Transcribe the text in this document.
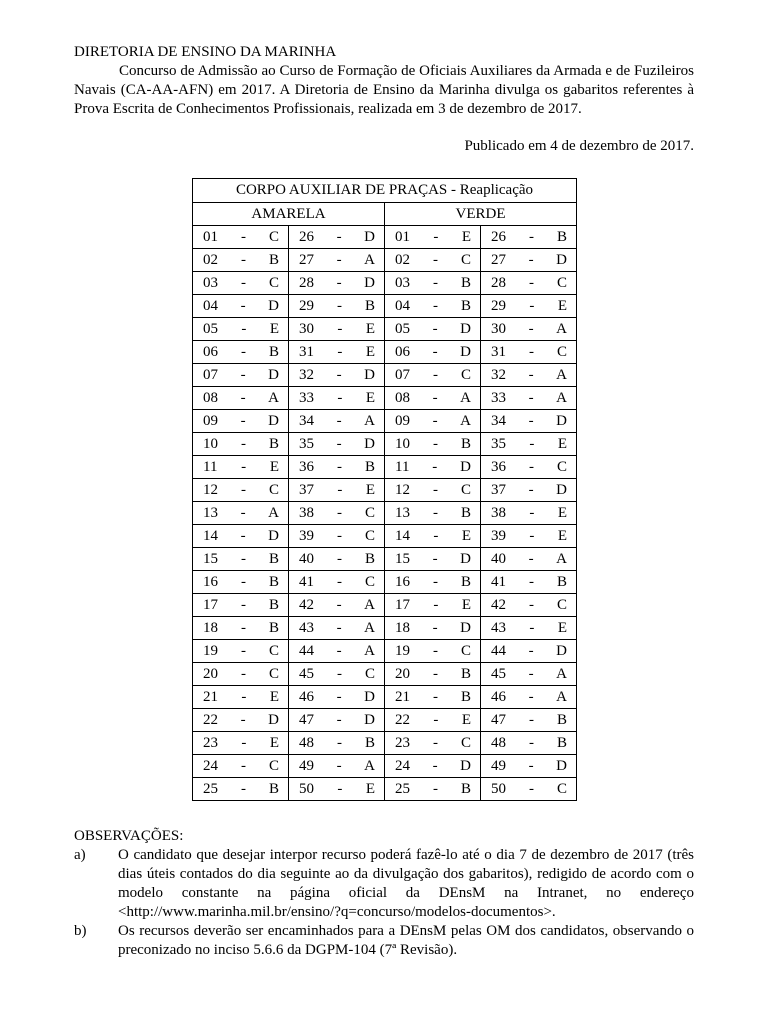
DIRETORIA DE ENSINO DA MARINHA

Concurso de Admissão ao Curso de Formação de Oficiais Auxiliares da Armada e de Fuzileiros Navais (CA-AA-AFN) em 2017. A Diretoria de Ensino da Marinha divulga os gabaritos referentes à Prova Escrita de Conhecimentos Profissionais, realizada em 3 de dezembro de 2017.

Publicado em 4 de dezembro de 2017.

CORPO AUXILIAR DE PRAÇAS - Reaplicação			
AMARELA		VERDE	

01 - C	26 - D	01 - E	26 - B

02 - B	27 - A	02 - C	27 - D

03 - C	28 - D	03 - B	28 - C

04 - D	29 - B	04 - B	29 - E

05 - E	30 - E	05 - D	30 - A

06 - B	31 - E	06 - D	31 - C

07 - D	32 - D	07 - C	32 - A

08 - A	33 - E	08 - A	33 - A

09 - D	34 - A	09 - A	34 - D

10 - B	35 - D	10 - B	35 - E

11 - E	36 - B	11 - D	36 - C

12 - C	37 - E	12 - C	37 - D

13 - A	38 - C	13 - B	38 - E

14 - D	39 - C	14 - E	39 - E

15 - B	40 - B	15 - D	40 - A

16 - B	41 - C	16 - B	41 - B

17 - B	42 - A	17 - E	42 - C

18 - B	43 - A	18 - D	43 - E

19 - C	44 - A	19 - C	44 - D

20 - C	45 - C	20 - B	45 - A

21 - E	46 - D	21 - B	46 - A

22 - D	47 - D	22 - E	47 - B

23 - E	48 - B	23 - C	48 - B

24 - C	49 - A	24 - D	49 - D

25 - B	50 - E	25 - B	50 - C

OBSERVAÇÕES:

a)	O candidato que desejar interpor recurso poderá fazê-lo até o dia 7 de dezembro de 2017 (três dias úteis contados do dia seguinte ao da divulgação dos gabaritos), redigido de acordo com o modelo constante na página oficial da DEnsM na Intranet, no endereço <http://www.marinha.mil.br/ensino/?q=concurso/modelos-documentos>.
b)	Os recursos deverão ser encaminhados para a DEnsM pelas OM dos candidatos, observando o preconizado no inciso 5.6.6 da DGPM-104 (7ª Revisão).
